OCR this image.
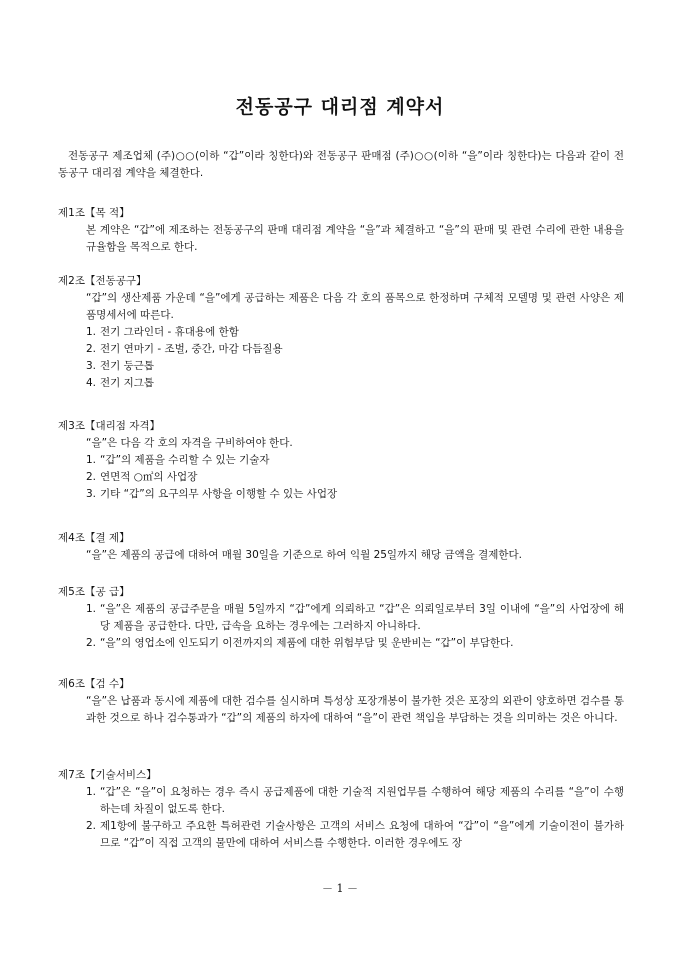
전동공구 대리점 계약서

전동공구 제조업체 (주)○○(이하 “갑”이라 칭한다)와 전동공구 판매점 (주)○○(이하 “을”이라 칭한다)는 다음과 같이 전동공구 대리점 계약을 체결한다.

제1조【목 적】

본 계약은 “갑”에 제조하는 전동공구의 판매 대리점 계약을 “을”과 체결하고 “을”의 판매 및 관련 수리에 관한 내용을 규율함을 목적으로 한다.

제2조【전동공구】

“갑”의 생산제품 가운데 “을”에게 공급하는 제품은 다음 각 호의 품목으로 한정하며 구체적 모델명 및 관련 사양은 제품명세서에 따른다.

1. 전기 그라인더 - 휴대용에 한함
2. 전기 연마기 - 조벌, 중간, 마감 다듬질용
3. 전기 둥근톱
4. 전기 지그톱
제3조【대리점 자격】

“을”은 다음 각 호의 자격을 구비하여야 한다.

1. “갑”의 제품을 수리할 수 있는 기술자
2. 연면적 ○㎡의 사업장
3. 기타 “갑”의 요구의무 사항을 이행할 수 있는 사업장
제4조【결 제】

“을”은 제품의 공급에 대하여 매월 30일을 기준으로 하여 익월 25일까지 해당 금액을 결제한다.

제5조【공 급】
1. “을”은 제품의 공급주문을 매월 5일까지 “갑”에게 의뢰하고 “갑”은 의뢰일로부터 3일 이내에 “을”의 사업장에 해당 제품을 공급한다. 다만, 급속을 요하는 경우에는 그러하지 아니하다.
2. “을”의 영업소에 인도되기 이전까지의 제품에 대한 위험부담 및 운반비는 “갑”이 부담한다.
제6조【검 수】

“을”은 납품과 동시에 제품에 대한 검수를 실시하며 특성상 포장개봉이 불가한 것은 포장의 외관이 양호하면 검수를 통과한 것으로 하나 검수통과가 “갑”의 제품의 하자에 대하여 “을”이 관련 책임을 부담하는 것을 의미하는 것은 아니다.

제7조【기술서비스】
1. “갑”은 “을”이 요청하는 경우 즉시 공급제품에 대한 기술적 지원업무를 수행하여 해당 제품의 수리를 “을”이 수행하는데 차질이 없도록 한다.
2. 제1항에 불구하고 주요한 특허관련 기술사항은 고객의 서비스 요청에 대하여 “갑”이 “을”에게 기술이전이 불가하므로 “갑”이 직접 고객의 물만에 대하여 서비스를 수행한다. 이러한 경우에도 장
－ 1 －
